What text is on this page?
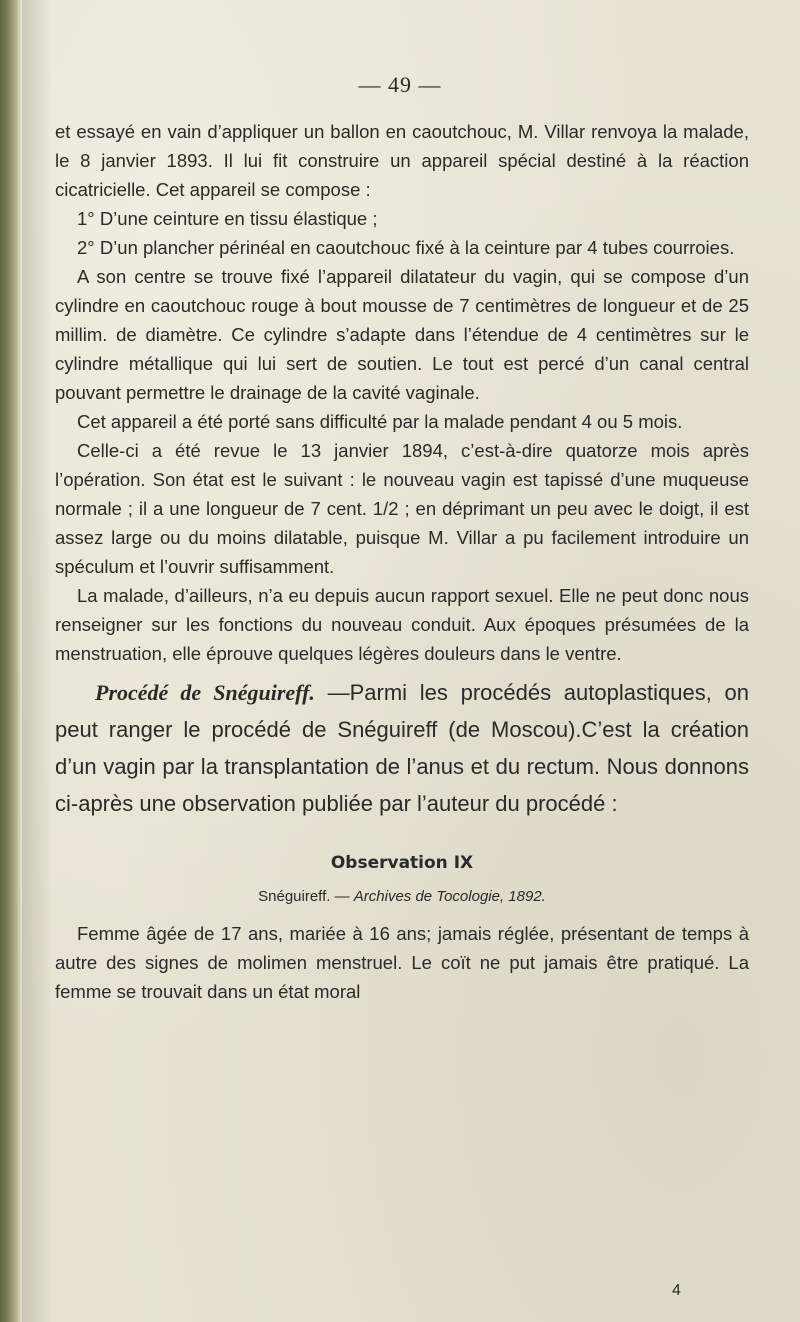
— 49 —

et essayé en vain d’appliquer un ballon en caoutchouc, M. Villar renvoya la malade, le 8 janvier 1893. Il lui fit construire un appareil spécial destiné à la réaction cicatricielle. Cet appareil se compose :

1° D’une ceinture en tissu élastique ;

2° D’un plancher périnéal en caoutchouc fixé à la ceinture par 4 tubes courroies.

A son centre se trouve fixé l’appareil dilatateur du vagin, qui se compose d’un cylindre en caoutchouc rouge à bout mousse de 7 centimètres de longueur et de 25 millim. de diamètre. Ce cylindre s’adapte dans l’étendue de 4 centimètres sur le cylindre métallique qui lui sert de soutien. Le tout est percé d’un canal central pouvant permettre le drainage de la cavité vaginale.

Cet appareil a été porté sans difficulté par la malade pendant 4 ou 5 mois.

Celle-ci a été revue le 13 janvier 1894, c’est-à-dire quatorze mois après l’opération. Son état est le suivant : le nouveau vagin est tapissé d’une muqueuse normale ; il a une longueur de 7 cent. 1/2 ; en déprimant un peu avec le doigt, il est assez large ou du moins dilatable, puisque M. Villar a pu facilement introduire un spéculum et l’ouvrir suffisamment.

La malade, d’ailleurs, n’a eu depuis aucun rapport sexuel. Elle ne peut donc nous renseigner sur les fonctions du nouveau conduit. Aux époques présumées de la menstruation, elle éprouve quelques légères douleurs dans le ventre.

Procédé de Snéguireff. —Parmi les procédés autoplastiques, on peut ranger le procédé de Snéguireff (de Moscou).C’est la création d’un vagin par la transplantation de l’anus et du rectum. Nous donnons ci-après une observation publiée par l’auteur du procédé :

Observation IX
Snéguireff. — Archives de Tocologie, 1892.

Femme âgée de 17 ans, mariée à 16 ans; jamais réglée, présentant de temps à autre des signes de molimen menstruel. Le coït ne put jamais être pratiqué. La femme se trouvait dans un état moral

4
